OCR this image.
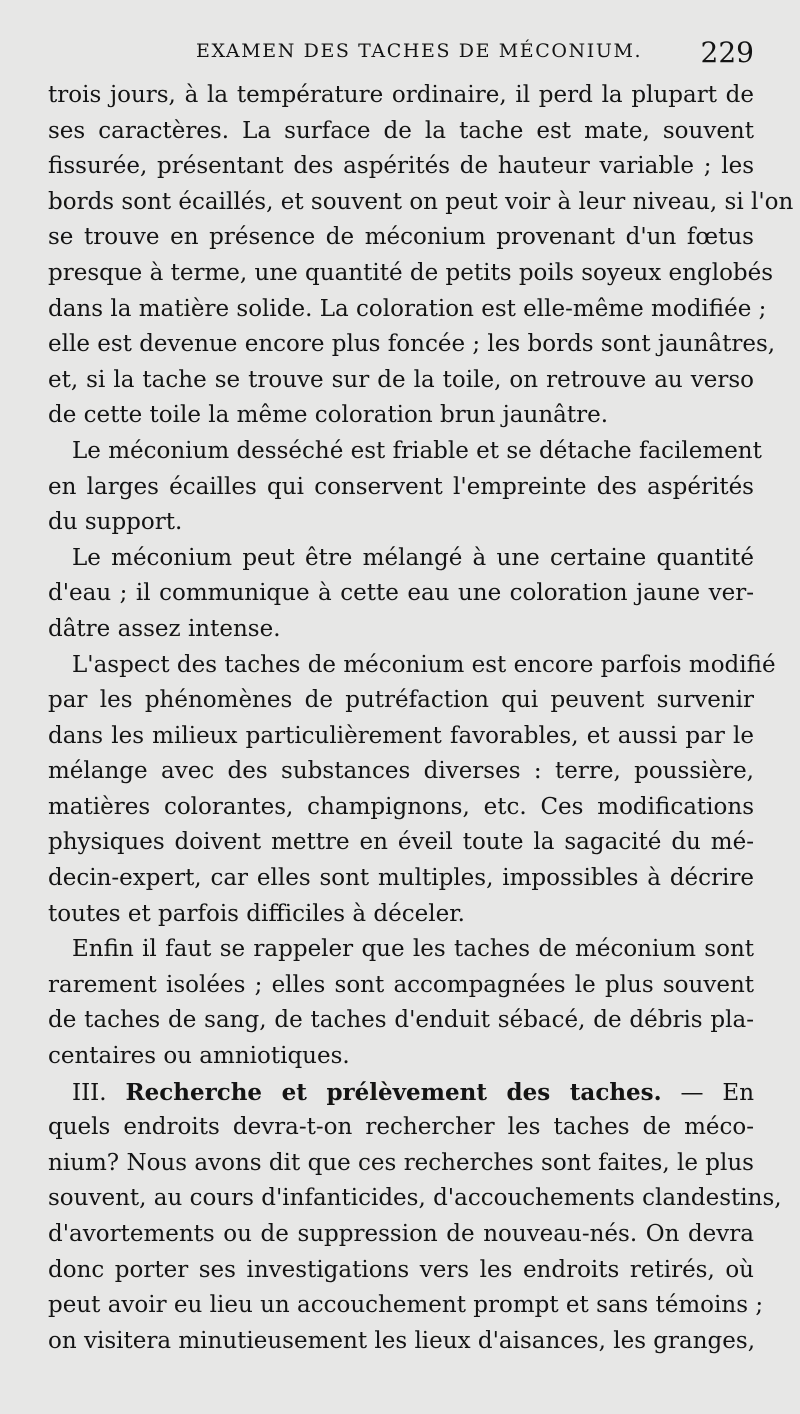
EXAMEN DES TACHES DE MÉCONIUM. 229
trois jours, à la température ordinaire, il perd la plupart de
ses caractères. La surface de la tache est mate, souvent
fissurée, présentant des aspérités de hauteur variable ; les
bords sont écaillés, et souvent on peut voir à leur niveau, si l'on
se trouve en présence de méconium provenant d'un fœtus
presque à terme, une quantité de petits poils soyeux englobés
dans la matière solide. La coloration est elle-même modifiée ;
elle est devenue encore plus foncée ; les bords sont jaunâtres,
et, si la tache se trouve sur de la toile, on retrouve au verso
de cette toile la même coloration brun jaunâtre.
Le méconium desséché est friable et se détache facilement
en larges écailles qui conservent l'empreinte des aspérités
du support.
Le méconium peut être mélangé à une certaine quantité
d'eau ; il communique à cette eau une coloration jaune ver-
dâtre assez intense.
L'aspect des taches de méconium est encore parfois modifié
par les phénomènes de putréfaction qui peuvent survenir
dans les milieux particulièrement favorables, et aussi par le
mélange avec des substances diverses : terre, poussière,
matières colorantes, champignons, etc. Ces modifications
physiques doivent mettre en éveil toute la sagacité du mé-
decin-expert, car elles sont multiples, impossibles à décrire
toutes et parfois difficiles à déceler.
Enfin il faut se rappeler que les taches de méconium sont
rarement isolées ; elles sont accompagnées le plus souvent
de taches de sang, de taches d'enduit sébacé, de débris pla-
centaires ou amniotiques.
III. Recherche et prélèvement des taches. — En
quels endroits devra-t-on rechercher les taches de méco-
nium? Nous avons dit que ces recherches sont faites, le plus
souvent, au cours d'infanticides, d'accouchements clandestins,
d'avortements ou de suppression de nouveau-nés. On devra
donc porter ses investigations vers les endroits retirés, où
peut avoir eu lieu un accouchement prompt et sans témoins ;
on visitera minutieusement les lieux d'aisances, les granges,
